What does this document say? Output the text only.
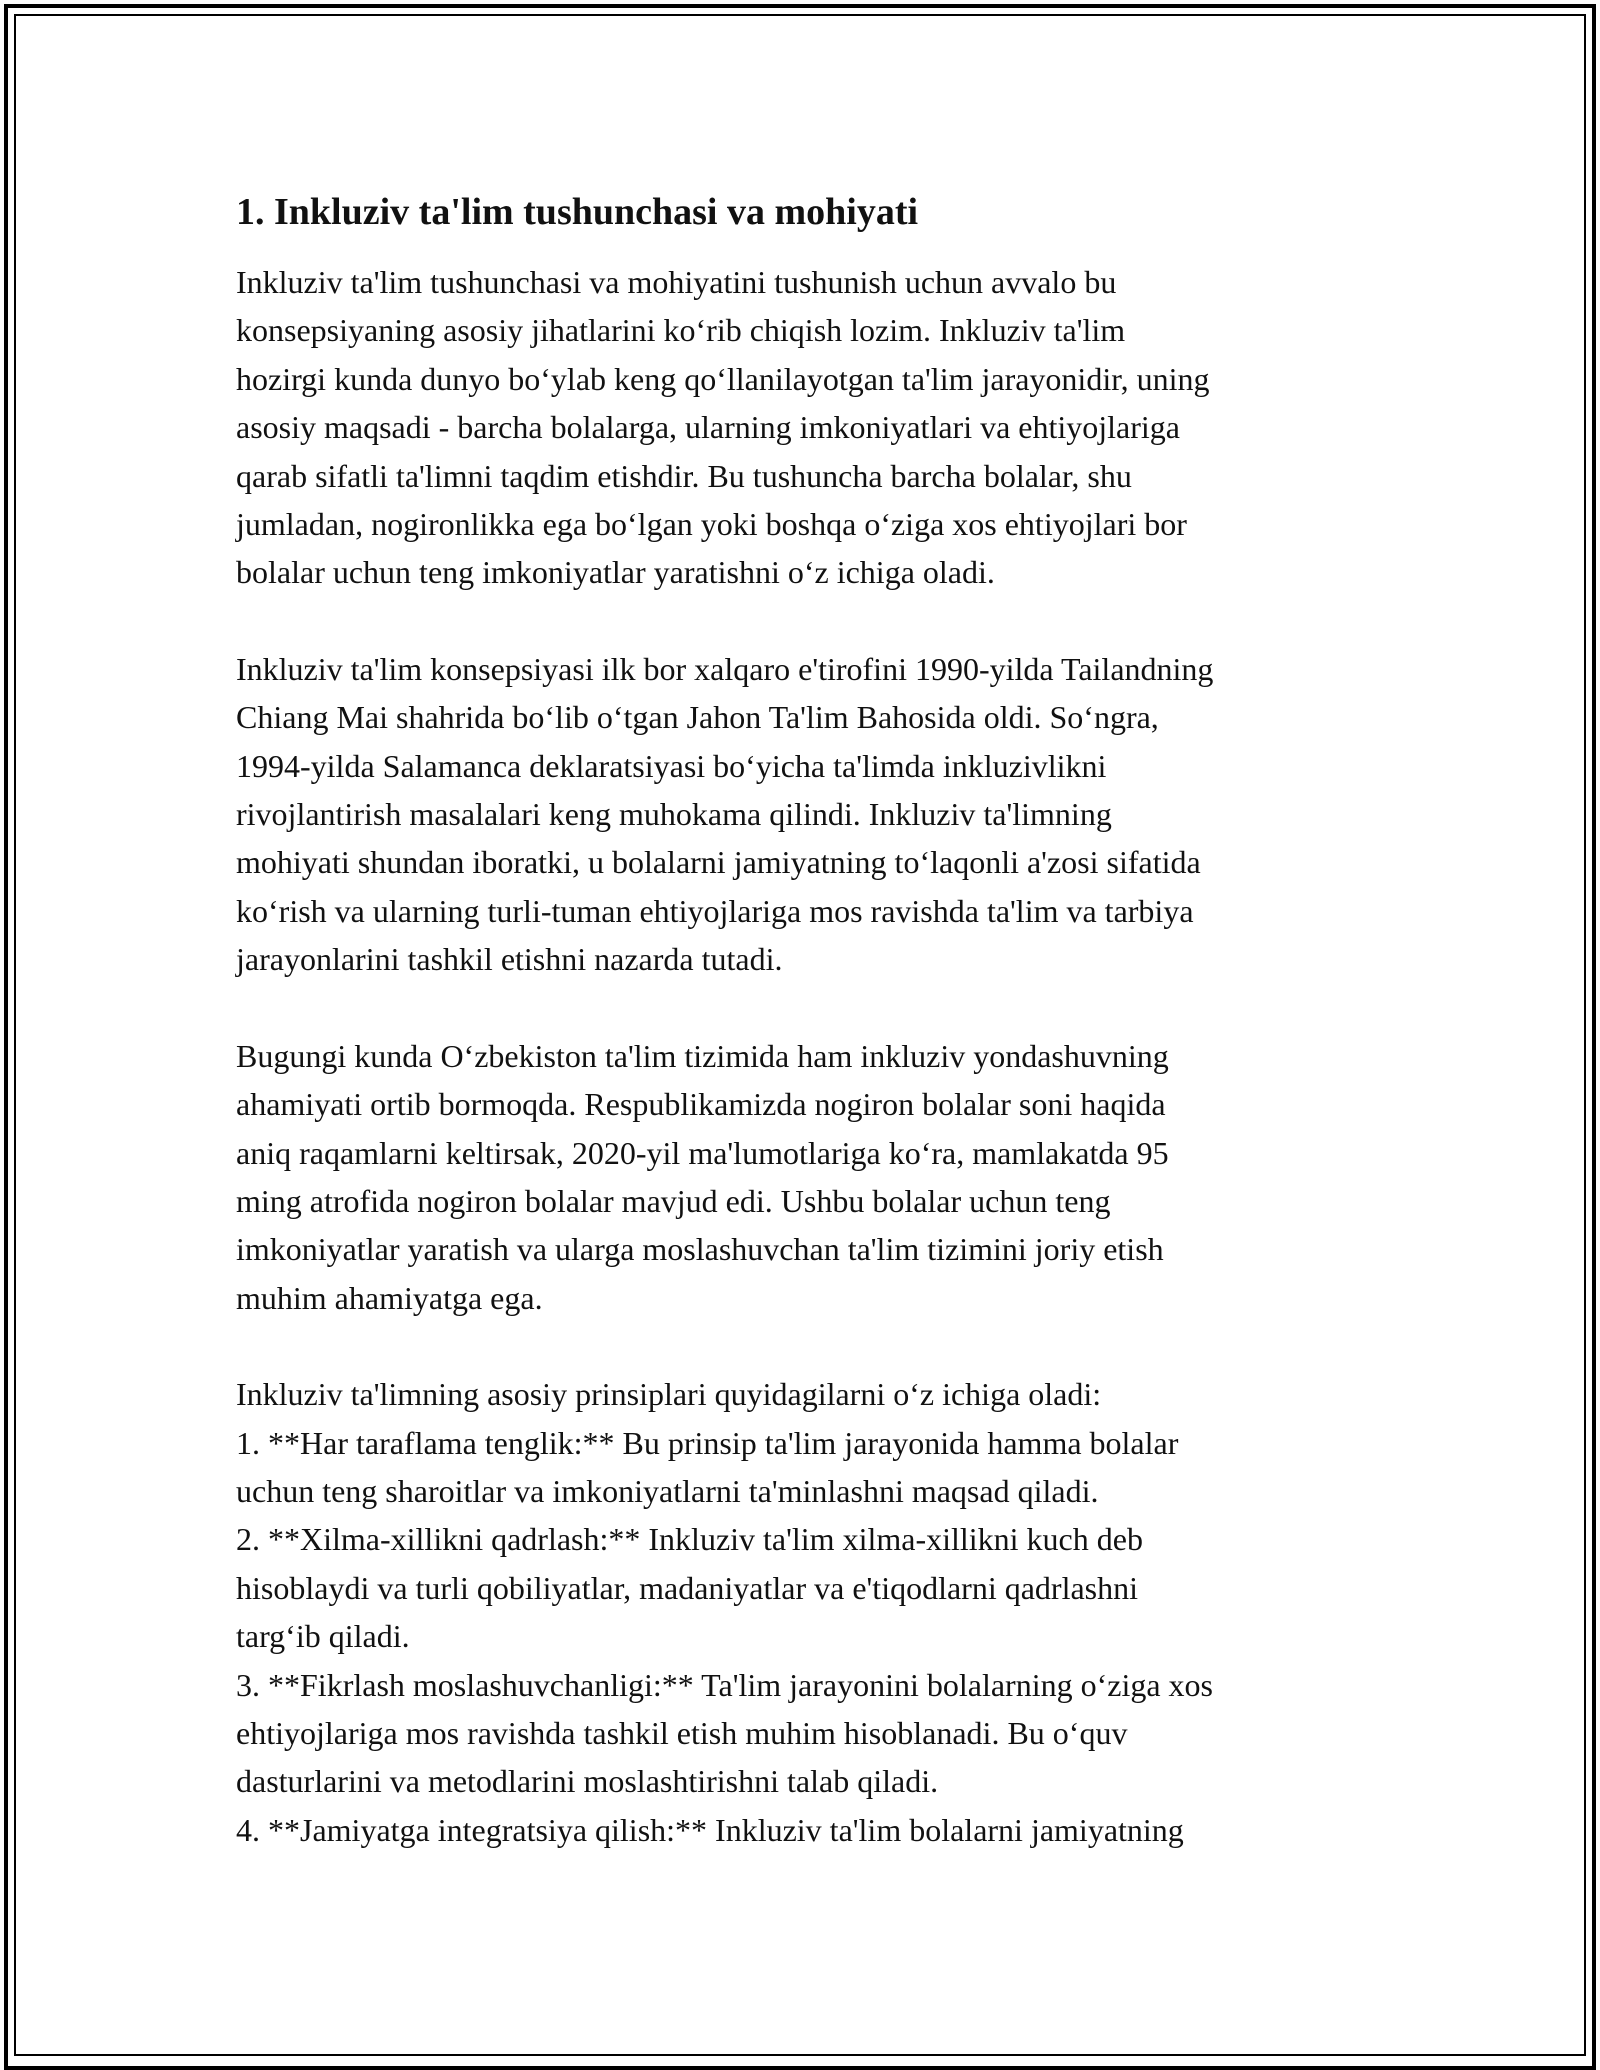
1. Inkluziv ta'lim tushunchasi va mohiyati
Inkluziv ta'lim tushunchasi va mohiyatini tushunish uchun avvalo bu
konsepsiyaning asosiy jihatlarini ko‘rib chiqish lozim. Inkluziv ta'lim
hozirgi kunda dunyo bo‘ylab keng qo‘llanilayotgan ta'lim jarayonidir, uning
asosiy maqsadi - barcha bolalarga, ularning imkoniyatlari va ehtiyojlariga
qarab sifatli ta'limni taqdim etishdir. Bu tushuncha barcha bolalar, shu
jumladan, nogironlikka ega bo‘lgan yoki boshqa o‘ziga xos ehtiyojlari bor
bolalar uchun teng imkoniyatlar yaratishni o‘z ichiga oladi.
Inkluziv ta'lim konsepsiyasi ilk bor xalqaro e'tirofini 1990-yilda Tailandning
Chiang Mai shahrida bo‘lib o‘tgan Jahon Ta'lim Bahosida oldi. So‘ngra,
1994-yilda Salamanca deklaratsiyasi bo‘yicha ta'limda inkluzivlikni
rivojlantirish masalalari keng muhokama qilindi. Inkluziv ta'limning
mohiyati shundan iboratki, u bolalarni jamiyatning to‘laqonli a'zosi sifatida
ko‘rish va ularning turli-tuman ehtiyojlariga mos ravishda ta'lim va tarbiya
jarayonlarini tashkil etishni nazarda tutadi.
Bugungi kunda O‘zbekiston ta'lim tizimida ham inkluziv yondashuvning
ahamiyati ortib bormoqda. Respublikamizda nogiron bolalar soni haqida
aniq raqamlarni keltirsak, 2020-yil ma'lumotlariga ko‘ra, mamlakatda 95
ming atrofida nogiron bolalar mavjud edi. Ushbu bolalar uchun teng
imkoniyatlar yaratish va ularga moslashuvchan ta'lim tizimini joriy etish
muhim ahamiyatga ega.
Inkluziv ta'limning asosiy prinsiplari quyidagilarni o‘z ichiga oladi:
1. **Har taraflama tenglik:** Bu prinsip ta'lim jarayonida hamma bolalar
uchun teng sharoitlar va imkoniyatlarni ta'minlashni maqsad qiladi.
2. **Xilma-xillikni qadrlash:** Inkluziv ta'lim xilma-xillikni kuch deb
hisoblaydi va turli qobiliyatlar, madaniyatlar va e'tiqodlarni qadrlashni
targ‘ib qiladi.
3. **Fikrlash moslashuvchanligi:** Ta'lim jarayonini bolalarning o‘ziga xos
ehtiyojlariga mos ravishda tashkil etish muhim hisoblanadi. Bu o‘quv
dasturlarini va metodlarini moslashtirishni talab qiladi.
4. **Jamiyatga integratsiya qilish:** Inkluziv ta'lim bolalarni jamiyatning
